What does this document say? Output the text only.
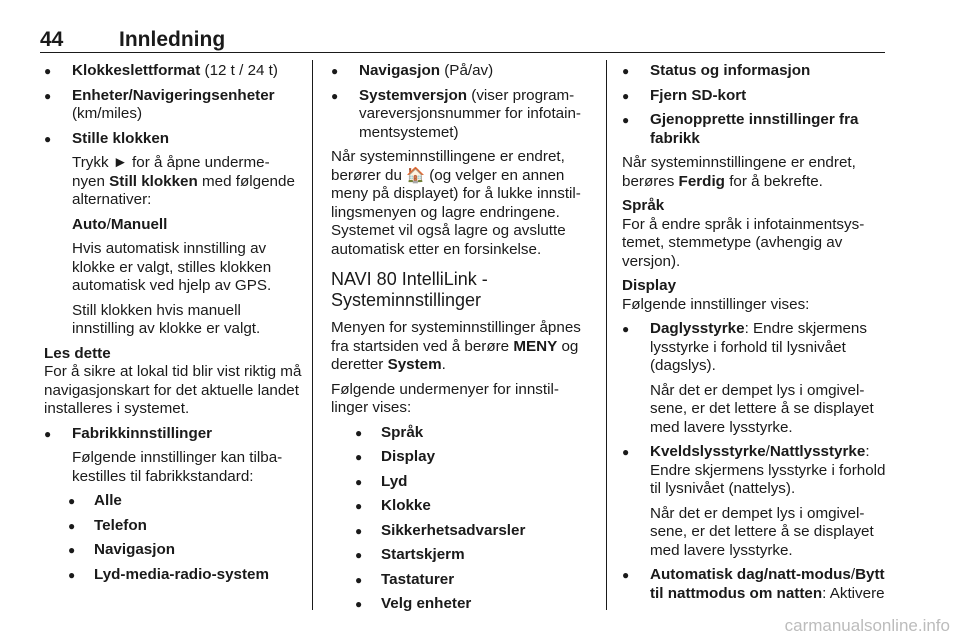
44	Innledning
● Klokkeslettformat (12 t / 24 t)
● Enheter/Navigeringsenheter
(km/miles)
● Stille klokken
Trykk ► for å åpne underme-nyen Still klokken med følgende alternativer:
Auto/Manuell
Hvis automatisk innstilling av klokke er valgt, stilles klokken automatisk ved hjelp av GPS.
Still klokken hvis manuell innstilling av klokke er valgt.
Les dette
For å sikre at lokal tid blir vist riktig må navigasjonskart for det aktuelle landet installeres i systemet.
● Fabrikkinnstillinger
Følgende innstillinger kan tilba-kestilles til fabrikkstandard:
● Alle
● Telefon
● Navigasjon
● Lyd-media-radio-system
● Navigasjon (På/av)
● Systemversjon (viser program-vareversjonsnummer for infotain-mentsystemet)
Når systeminnstillingene er endret, berører du 🏠 (og velger en annen meny på displayet) for å lukke innstil-lingsmenyen og lagre endringene. Systemet vil også lagre og avslutte automatisk etter en forsinkelse.
NAVI 80 IntelliLink - Systeminnstillinger
Menyen for systeminnstillinger åpnes fra startsiden ved å berøre MENY og deretter System.
Følgende undermenyer for innstil-linger vises:
● Språk
● Display
● Lyd
● Klokke
● Sikkerhetsadvarsler
● Startskjerm
● Tastaturer
● Velg enheter
● Status og informasjon
● Fjern SD-kort
● Gjenopprette innstillinger fra fabrikk
Når systeminnstillingene er endret, berøres Ferdig for å bekrefte.
Språk
For å endre språk i infotainmentsys-temet, stemmetype (avhengig av versjon).
Display
Følgende innstillinger vises:
● Daglysstyrke: Endre skjermens lysstyrke i forhold til lysnivået (dagslys).
Når det er dempet lys i omgivel-sene, er det lettere å se displayet med lavere lysstyrke.
● Kveldslysstyrke/Nattlysstyrke: Endre skjermens lysstyrke i forhold til lysnivået (nattelys).
Når det er dempet lys i omgivel-sene, er det lettere å se displayet med lavere lysstyrke.
● Automatisk dag/natt-modus/Bytt til nattmodus om natten: Aktivere
carmanualsonline.info
